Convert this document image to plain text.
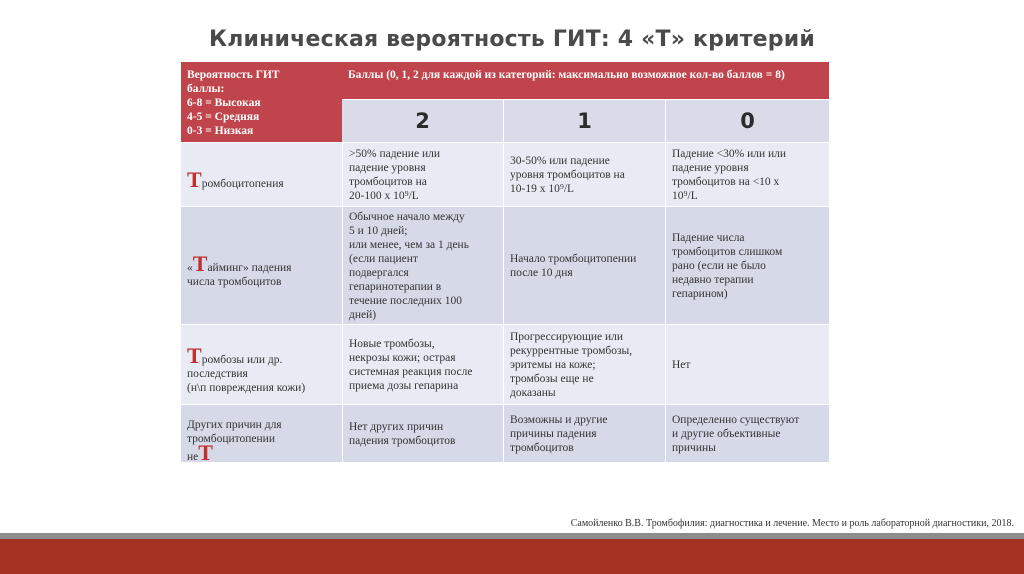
Клиническая вероятность ГИТ: 4 «Т» критерий
Вероятность ГИТ
баллы:
6-8 = Высокая
4-5 = Средняя
0-3 = Низкая
Баллы (0, 1, 2 для каждой из категорий: максимально возможное кол-во баллов = 8)
2	1	0

Тромбоцитопения

>50% падение или
падение уровня
тромбоцитов на
20-100 х 10⁹/L
30-50% или падение
уровня тромбоцитов на
10-19 х 10⁹/L
Падение <30% или или
падение уровня
тромбоцитов на <10 х
10⁹/L

«Тайминг» падения
числа тромбоцитов

Обычное начало между
5 и 10 дней;
или менее, чем за 1 день
(если пациент
подвергался
гепаринотерапии в
течение последних 100
дней)
Начало тромбоцитопении
после 10 дня
Падение числа
тромбоцитов слишком
рано (если не было
недавно терапии
гепарином)

Тромбозы или др.
последствия
(н\п повреждения кожи)

Новые тромбозы,
некрозы кожи; острая
системная реакция после
приема дозы гепарина
Прогрессирующие или
рекуррентные тромбозы,
эритемы на коже;
тромбозы еще не
доказаны
Нет

Других причин для
тромбоцитопении
неТ

Нет других причин
падения тромбоцитов
Возможны и другие
причины падения
тромбоцитов
Определенно существуют
и другие объективные
причины
Самойленко В.В. Тромбофилия: диагностика и лечение. Место и роль лабораторной диагностики, 2018.
